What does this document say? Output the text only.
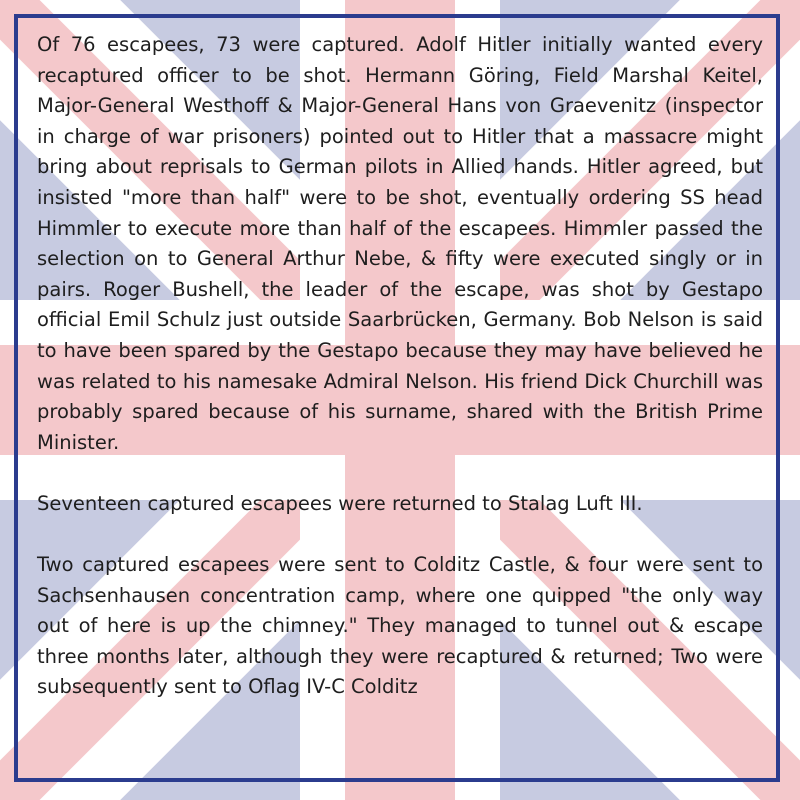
Of 76 escapees, 73 were captured. Adolf Hitler initially wanted every recaptured officer to be shot. Hermann Göring, Field Marshal Keitel, Major-General Westhoff & Major-General Hans von Graevenitz (inspector in charge of war prisoners) pointed out to Hitler that a massacre might bring about reprisals to German pilots in Allied hands. Hitler agreed, but insisted "more than half" were to be shot, eventually ordering SS head Himmler to execute more than half of the escapees. Himmler passed the selection on to General Arthur Nebe, & fifty were executed singly or in pairs. Roger Bushell, the leader of the escape, was shot by Gestapo official Emil Schulz just outside Saarbrücken, Germany. Bob Nelson is said to have been spared by the Gestapo because they may have believed he was related to his namesake Admiral Nelson. His friend Dick Churchill was probably spared because of his surname, shared with the British Prime Minister.

Seventeen captured escapees were returned to Stalag Luft III.

Two captured escapees were sent to Colditz Castle, & four were sent to Sachsenhausen concentration camp, where one quipped "the only way out of here is up the chimney." They managed to tunnel out & escape three months later, although they were recaptured & returned; Two were subsequently sent to Oflag IV-C Colditz
